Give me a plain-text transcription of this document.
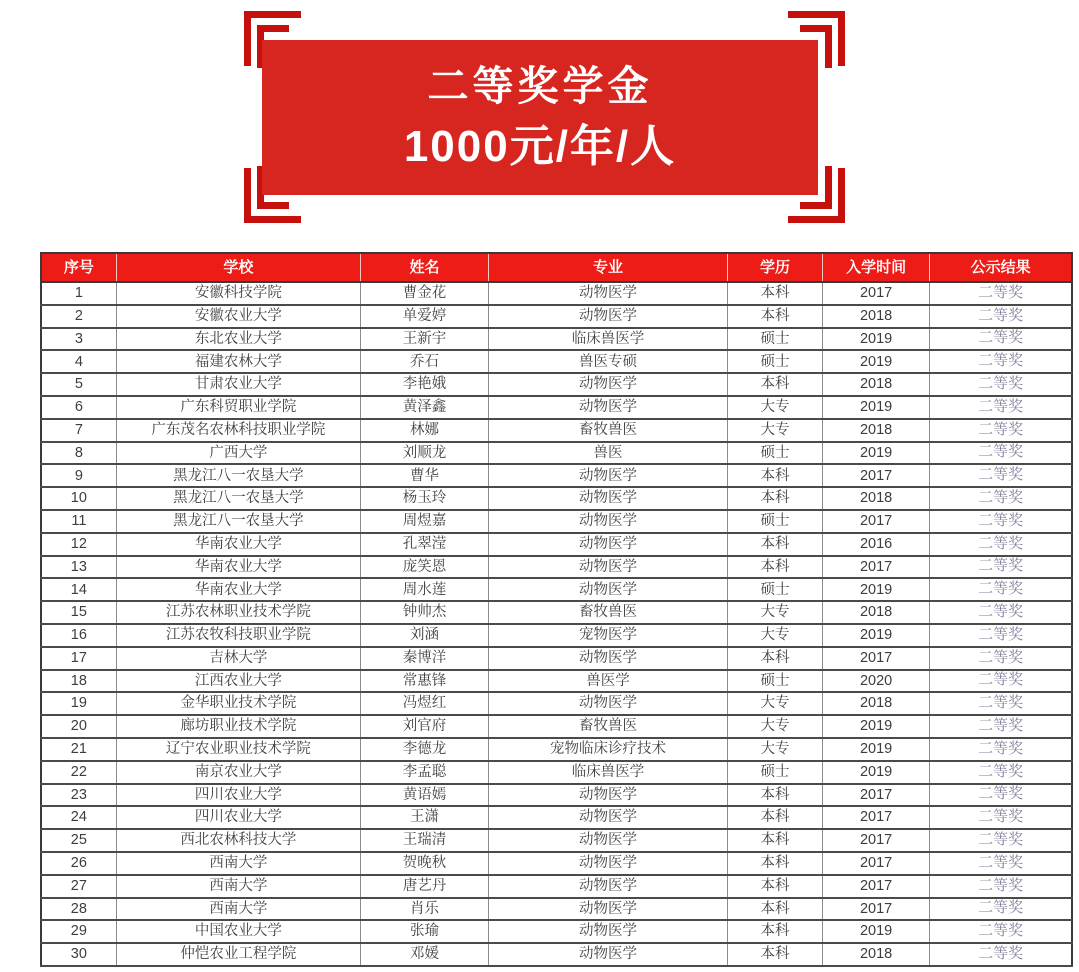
二等奖学金
1000元/年/人
序号	学校	姓名	专业	学历	入学时间	公示结果
1	安徽科技学院	曹金花	动物医学	本科	2017	二等奖
2	安徽农业大学	单爱婷	动物医学	本科	2018	二等奖
3	东北农业大学	王新宇	临床兽医学	硕士	2019	二等奖
4	福建农林大学	乔石	兽医专硕	硕士	2019	二等奖
5	甘肃农业大学	李艳娥	动物医学	本科	2018	二等奖
6	广东科贸职业学院	黄泽鑫	动物医学	大专	2019	二等奖
7	广东茂名农林科技职业学院	林娜	畜牧兽医	大专	2018	二等奖
8	广西大学	刘顺龙	兽医	硕士	2019	二等奖
9	黑龙江八一农垦大学	曹华	动物医学	本科	2017	二等奖
10	黑龙江八一农垦大学	杨玉玲	动物医学	本科	2018	二等奖
11	黑龙江八一农垦大学	周煜嘉	动物医学	硕士	2017	二等奖
12	华南农业大学	孔翠滢	动物医学	本科	2016	二等奖
13	华南农业大学	庞笑恩	动物医学	本科	2017	二等奖
14	华南农业大学	周水莲	动物医学	硕士	2019	二等奖
15	江苏农林职业技术学院	钟帅杰	畜牧兽医	大专	2018	二等奖
16	江苏农牧科技职业学院	刘涵	宠物医学	大专	2019	二等奖
17	吉林大学	秦博洋	动物医学	本科	2017	二等奖
18	江西农业大学	常惠锋	兽医学	硕士	2020	二等奖
19	金华职业技术学院	冯煜红	动物医学	大专	2018	二等奖
20	廊坊职业技术学院	刘官府	畜牧兽医	大专	2019	二等奖
21	辽宁农业职业技术学院	李德龙	宠物临床诊疗技术	大专	2019	二等奖
22	南京农业大学	李孟聪	临床兽医学	硕士	2019	二等奖
23	四川农业大学	黄语嫣	动物医学	本科	2017	二等奖
24	四川农业大学	王潇	动物医学	本科	2017	二等奖
25	西北农林科技大学	王瑞清	动物医学	本科	2017	二等奖
26	西南大学	贺晚秋	动物医学	本科	2017	二等奖
27	西南大学	唐艺丹	动物医学	本科	2017	二等奖
28	西南大学	肖乐	动物医学	本科	2017	二等奖
29	中国农业大学	张瑜	动物医学	本科	2019	二等奖
30	仲恺农业工程学院	邓媛	动物医学	本科	2018	二等奖
